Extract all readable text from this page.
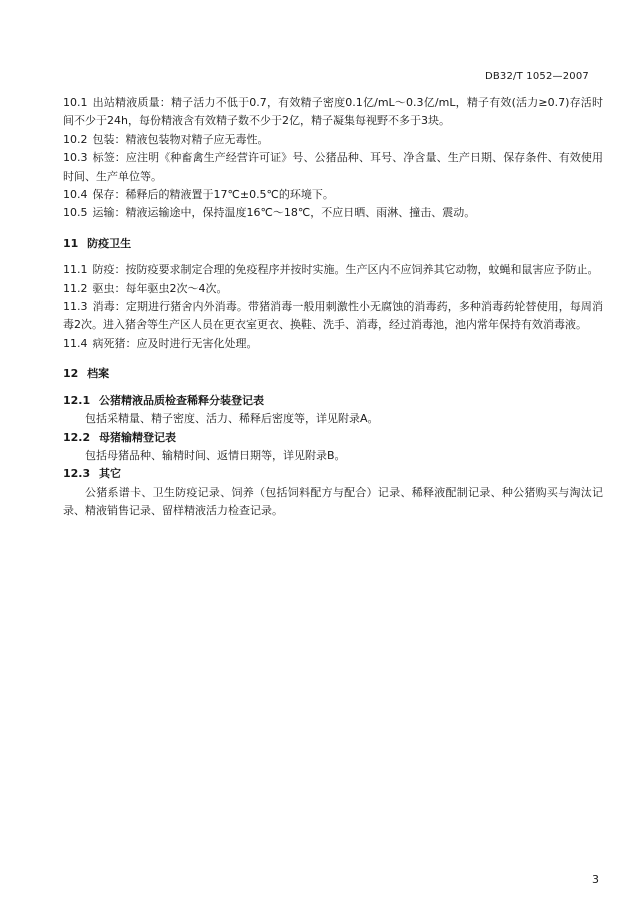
DB32/T 1052—2007

10.1 出站精液质量：精子活力不低于0.7，有效精子密度0.1亿/mL～0.3亿/mL，精子有效(活力≥0.7)存活时间不少于24h，每份精液含有效精子数不少于2亿，精子凝集每视野不多于3块。

10.2 包装：精液包装物对精子应无毒性。

10.3 标签：应注明《种畜禽生产经营许可证》号、公猪品种、耳号、净含量、生产日期、保存条件、有效使用时间、生产单位等。

10.4 保存：稀释后的精液置于17℃±0.5℃的环境下。

10.5 运输：精液运输途中，保持温度16℃～18℃，不应日晒、雨淋、撞击、震动。

11 防疫卫生

11.1 防疫：按防疫要求制定合理的免疫程序并按时实施。生产区内不应饲养其它动物，蚊蝇和鼠害应予防止。

11.2 驱虫：每年驱虫2次～4次。

11.3 消毒：定期进行猪舍内外消毒。带猪消毒一般用刺激性小无腐蚀的消毒药，多种消毒药轮替使用，每周消毒2次。进入猪舍等生产区人员在更衣室更衣、换鞋、洗手、消毒，经过消毒池，池内常年保持有效消毒液。

11.4 病死猪：应及时进行无害化处理。

12 档案

12.1 公猪精液品质检查稀释分装登记表

包括采精量、精子密度、活力、稀释后密度等，详见附录A。

12.2 母猪输精登记表

包括母猪品种、输精时间、返情日期等，详见附录B。

12.3 其它

公猪系谱卡、卫生防疫记录、饲养（包括饲料配方与配合）记录、稀释液配制记录、种公猪购买与淘汰记录、精液销售记录、留样精液活力检查记录。

3
